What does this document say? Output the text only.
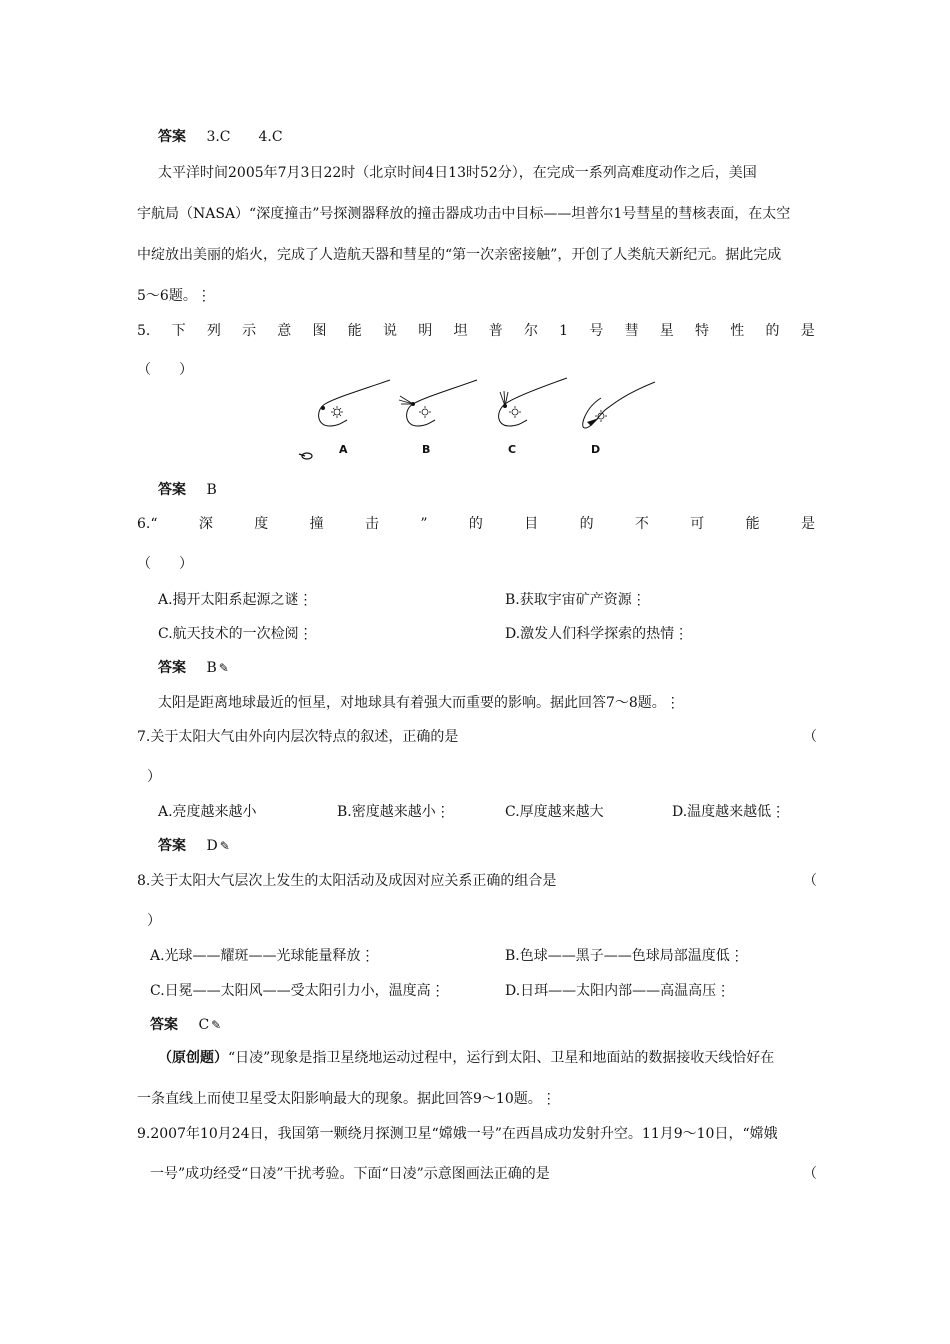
答案 3.C　　4.C
太平洋时间2005年7月3日22时（北京时间4日13时52分），在完成一系列高难度动作之后，美国
宇航局（NASA）“深度撞击”号探测器释放的撞击器成功击中目标——坦普尔1号彗星的彗核表面，在太空
中绽放出美丽的焰火，完成了人造航天器和彗星的“第一次亲密接触”，开创了人类航天新纪元。据此完成
5～6题。⋮
5. 下 列 示 意 图 能 说 明 坦 普 尔 1 号 彗 星 特 性 的 是
（　　）
A	B	C	D
答案 B
6.“	深	度	撞	击	”	的	目	的	不	可	能	是
（　　）
A.揭开太阳系起源之谜⋮	B.获取宇宙矿产资源⋮
C.航天技术的一次检阅⋮	D.激发人们科学探索的热情⋮
答案 B ✎
太阳是距离地球最近的恒星，对地球具有着强大而重要的影响。据此回答7～8题。⋮
7.关于太阳大气由外向内层次特点的叙述，正确的是	（
）
A.亮度越来越小	B.密度越来越小⋮	C.厚度越来越大	D.温度越来越低⋮
答案 D ✎
8.关于太阳大气层次上发生的太阳活动及成因对应关系正确的组合是	（
）
A.光球——耀斑——光球能量释放⋮	B.色球——黑子——色球局部温度低⋮
C.日冕——太阳风——受太阳引力小，温度高⋮	D.日珥——太阳内部——高温高压⋮
答案 C ✎
（原创题）“日凌”现象是指卫星绕地运动过程中，运行到太阳、卫星和地面站的数据接收天线恰好在
一条直线上而使卫星受太阳影响最大的现象。据此回答9～10题。⋮
9.2007年10月24日，我国第一颗绕月探测卫星“嫦娥一号”在西昌成功发射升空。11月9～10日，“嫦娥
一号”成功经受“日凌”干扰考验。下面“日凌”示意图画法正确的是	（
